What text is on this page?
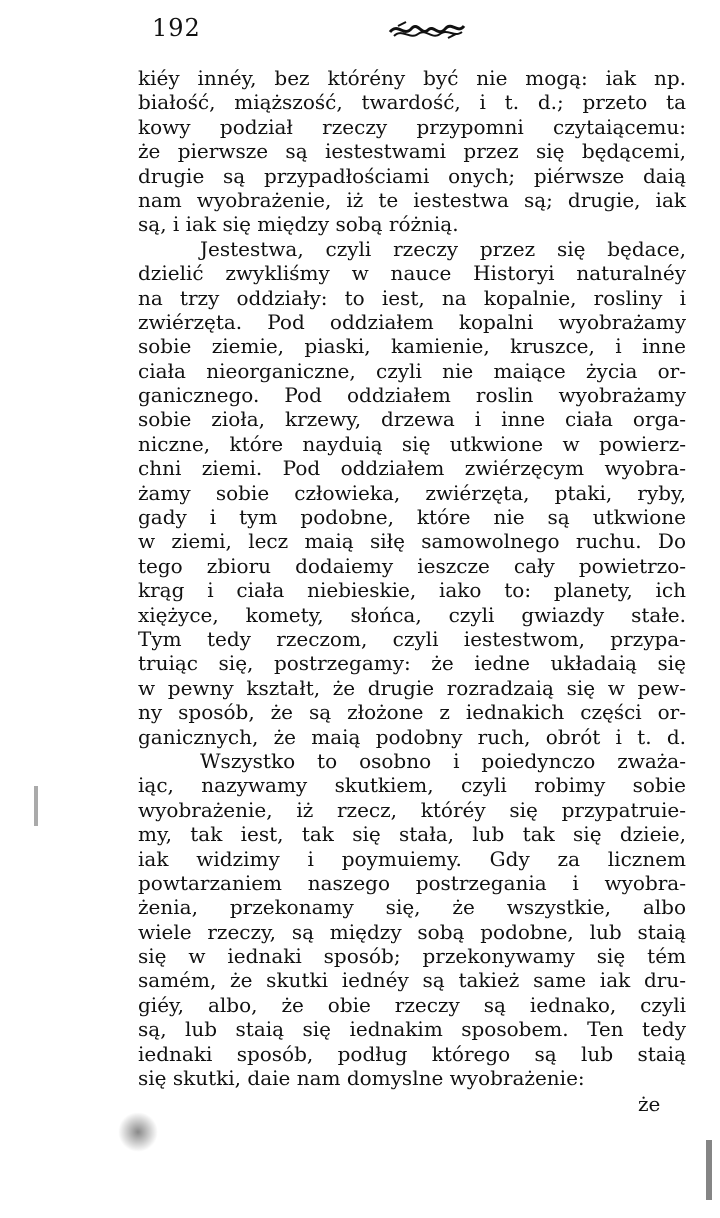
192
kiéy innéy, bez którény być nie mogą: iak np.
białość, miąższość, twardość, i t. d.; przeto ta
kowy podział rzeczy przypomni czytaiącemu:
że pierwsze są iestestwami przez się będącemi,
drugie są przypadłościami onych; piérwsze daią
nam wyobrażenie, iż te iestestwa są; drugie, iak
są, i iak się między sobą różnią.
Jestestwa, czyli rzeczy przez się będace,
dzielić zwykliśmy w nauce Historyi naturalnéy
na trzy oddziały: to iest, na kopalnie, rosliny i
zwiérzęta. Pod oddziałem kopalni wyobrażamy
sobie ziemie, piaski, kamienie, kruszce, i inne
ciała nieorganiczne, czyli nie maiące życia or-
ganicznego. Pod oddziałem roslin wyobrażamy
sobie zioła, krzewy, drzewa i inne ciała orga-
niczne, które nayduią się utkwione w powierz-
chni ziemi. Pod oddziałem zwiérzęcym wyobra-
żamy sobie człowieka, zwiérzęta, ptaki, ryby,
gady i tym podobne, które nie są utkwione
w ziemi, lecz maią siłę samowolnego ruchu. Do
tego zbioru dodaiemy ieszcze cały powietrzo-
krąg i ciała niebieskie, iako to: planety, ich
xiężyce, komety, słońca, czyli gwiazdy stałe.
Tym tedy rzeczom, czyli iestestwom, przypa-
truiąc się, postrzegamy: że iedne układaią się
w pewny kształt, że drugie rozradzaią się w pew-
ny sposób, że są złożone z iednakich części or-
ganicznych, że maią podobny ruch, obrót i t. d.
Wszystko to osobno i poiedynczo zważa-
iąc, nazywamy skutkiem, czyli robimy sobie
wyobrażenie, iż rzecz, któréy się przypatruie-
my, tak iest, tak się stała, lub tak się dzieie,
iak widzimy i poymuiemy. Gdy za licznem
powtarzaniem naszego postrzegania i wyobra-
żenia, przekonamy się, że wszystkie, albo
wiele rzeczy, są między sobą podobne, lub staią
się w iednaki sposób; przekonywamy się tém
samém, że skutki iednéy są takież same iak dru-
giéy, albo, że obie rzeczy są iednako, czyli
są, lub staią się iednakim sposobem. Ten tedy
iednaki sposób, podług którego są lub staią
się skutki, daie nam domyslne wyobrażenie:
że
